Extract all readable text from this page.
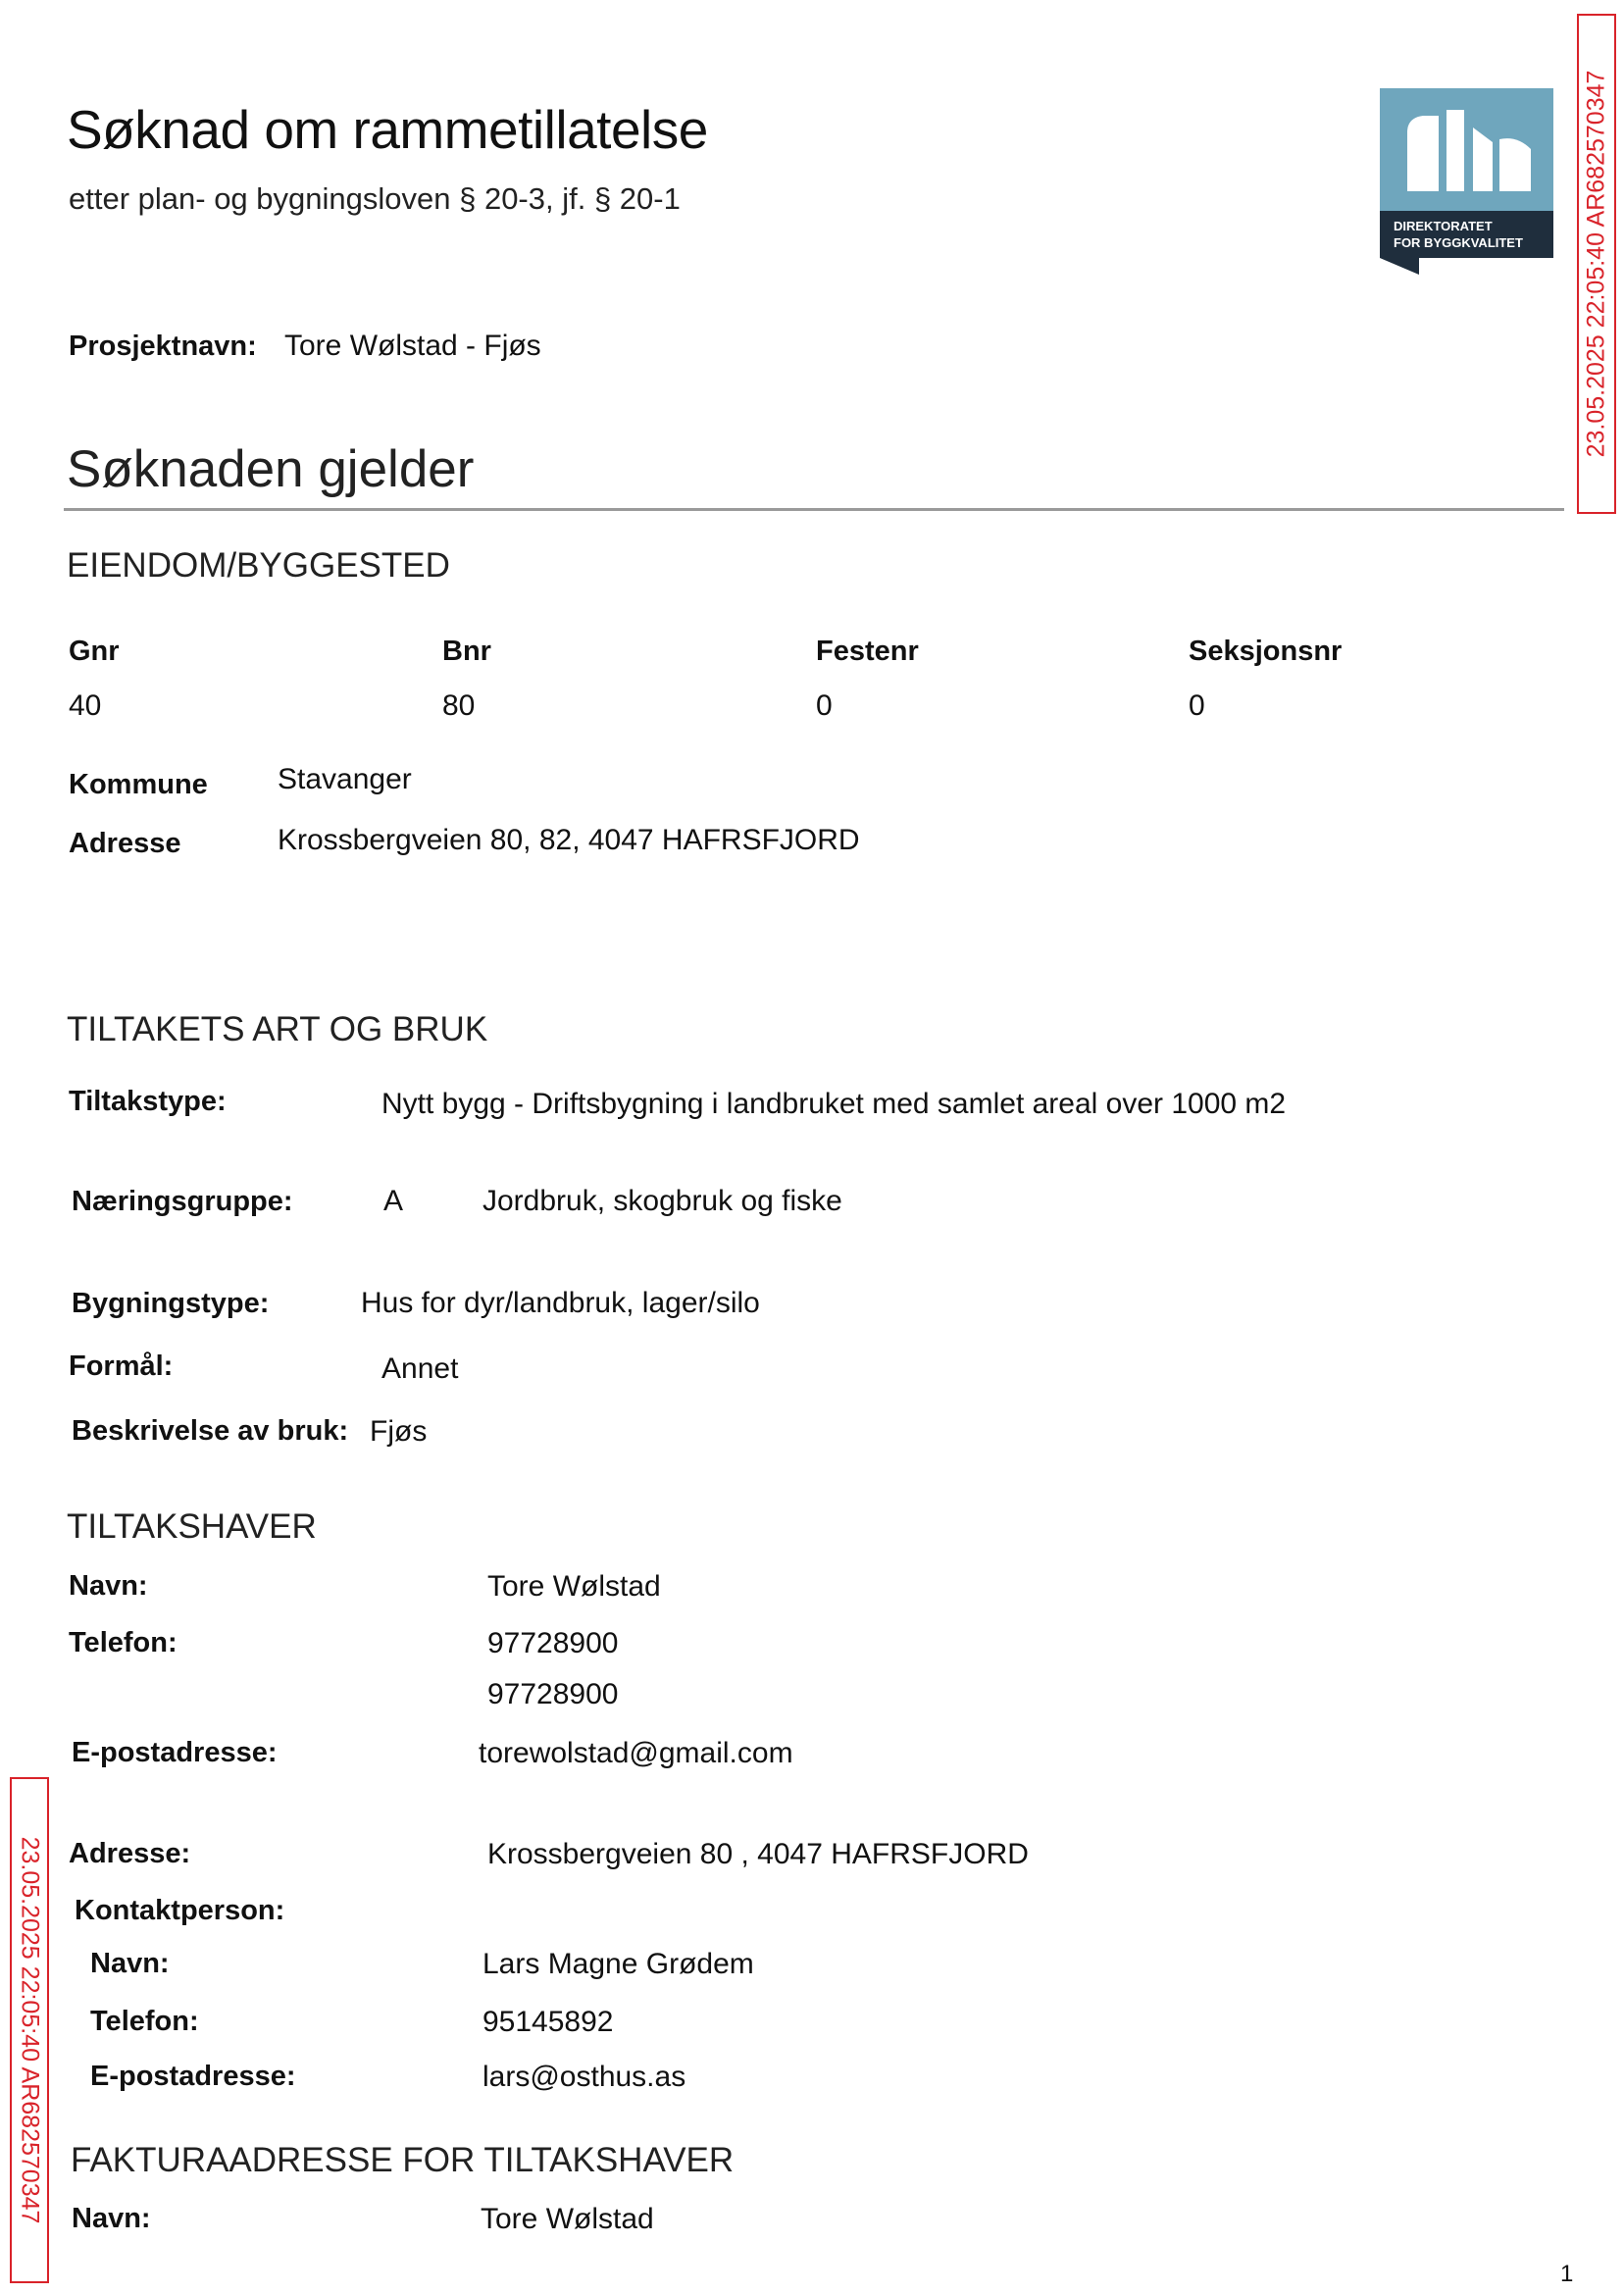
Søknad om rammetillatelse
etter plan- og bygningsloven § 20-3, jf. § 20-1
DIREKTORATET
FOR BYGGKVALITET 23.05.2025 22:05:40 AR682570347
23.05.2025 22:05:40 AR682570347
Prosjektnavn: Tore Wølstad - Fjøs
Søknaden gjelder
EIENDOM/BYGGESTED
Gnr	Bnr	Festenr	Seksjonsnr
40	80	0	0
Kommune Stavanger
Adresse	Krossbergveien 80, 82, 4047 HAFRSFJORD
TILTAKETS ART OG BRUK
Tiltakstype:	Nytt bygg - Driftsbygning i landbruket med samlet areal over 1000 m2
Næringsgruppe:	A	Jordbruk, skogbruk og fiske
Bygningstype:	Hus for dyr/landbruk, lager/silo
Formål:	Annet
Beskrivelse av bruk: Fjøs
TILTAKSHAVER
Navn:	Tore Wølstad
Telefon:	97728900
97728900
E-postadresse:	torewolstad@gmail.com
Adresse:	Krossbergveien 80 , 4047 HAFRSFJORD
Kontaktperson:
Navn:	Lars Magne Grødem
Telefon:	95145892
E-postadresse:	lars@osthus.as
FAKTURAADRESSE FOR TILTAKSHAVER
Navn:	Tore Wølstad
1
